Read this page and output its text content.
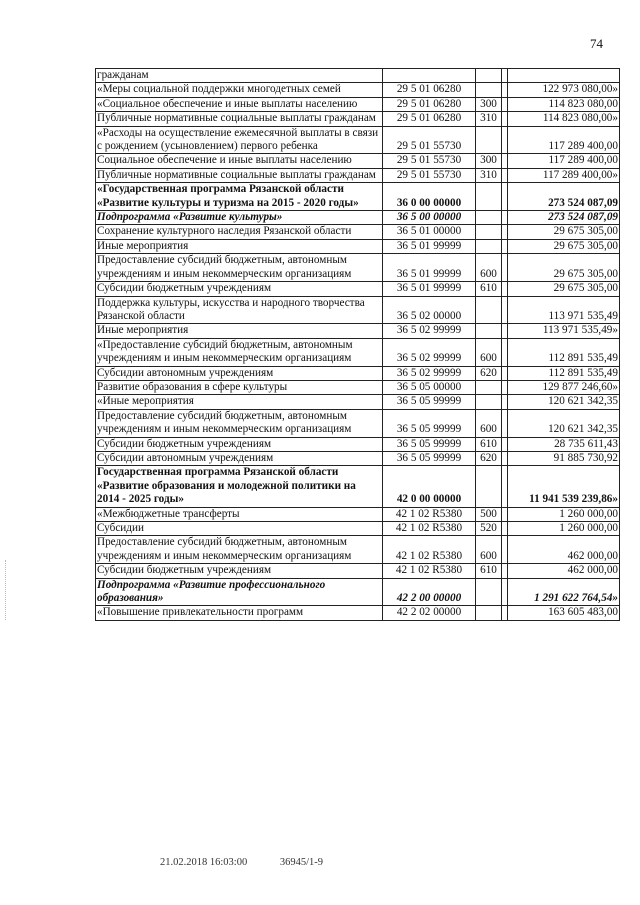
74
гражданам				
«Меры социальной поддержки многодетных семей	29 5 01 06280			122 973 080,00»
«Социальное обеспечение и иные выплаты населению	29 5 01 06280	300		114 823 080,00
Публичные нормативные социальные выплаты гражданам	29 5 01 06280	310		114 823 080,00»
«Расходы на осуществление ежемесячной выплаты в связи с рождением (усыновлением) первого ребенка	29 5 01 55730			117 289 400,00
Социальное обеспечение и иные выплаты населению	29 5 01 55730	300		117 289 400,00
Публичные нормативные социальные выплаты гражданам	29 5 01 55730	310		117 289 400,00»
«Государственная программа Рязанской области «Развитие культуры и туризма на 2015 - 2020 годы»	36 0 00 00000			273 524 087,09
Подпрограмма «Развитие культуры»	36 5 00 00000			273 524 087,09
Сохранение культурного наследия Рязанской области	36 5 01 00000			29 675 305,00
Иные мероприятия	36 5 01 99999			29 675 305,00
Предоставление субсидий бюджетным, автономным учреждениям и иным некоммерческим организациям	36 5 01 99999	600		29 675 305,00
Субсидии бюджетным учреждениям	36 5 01 99999	610		29 675 305,00
Поддержка культуры, искусства и народного творчества Рязанской области	36 5 02 00000			113 971 535,49
Иные мероприятия	36 5 02 99999			113 971 535,49»
«Предоставление субсидий бюджетным, автономным учреждениям и иным некоммерческим организациям	36 5 02 99999	600		112 891 535,49
Субсидии автономным учреждениям	36 5 02 99999	620		112 891 535,49
Развитие образования в сфере культуры	36 5 05 00000			129 877 246,60»
«Иные мероприятия	36 5 05 99999			120 621 342,35
Предоставление субсидий бюджетным, автономным учреждениям и иным некоммерческим организациям	36 5 05 99999	600		120 621 342,35
Субсидии бюджетным учреждениям	36 5 05 99999	610		28 735 611,43
Субсидии автономным учреждениям	36 5 05 99999	620		91 885 730,92
Государственная программа Рязанской области «Развитие образования и молодежной политики на 2014 - 2025 годы»	42 0 00 00000			11 941 539 239,86»
«Межбюджетные трансферты	42 1 02 R5380	500		1 260 000,00
Субсидии	42 1 02 R5380	520		1 260 000,00
Предоставление субсидий бюджетным, автономным учреждениям и иным некоммерческим организациям	42 1 02 R5380	600		462 000,00
Субсидии бюджетным учреждениям	42 1 02 R5380	610		462 000,00
Подпрограмма «Развитие профессионального образования»	42 2 00 00000			1 291 622 764,54»
«Повышение привлекательности программ	42 2 02 00000			163 605 483,00
21.02.2018 16:03:00	36945/1-9
